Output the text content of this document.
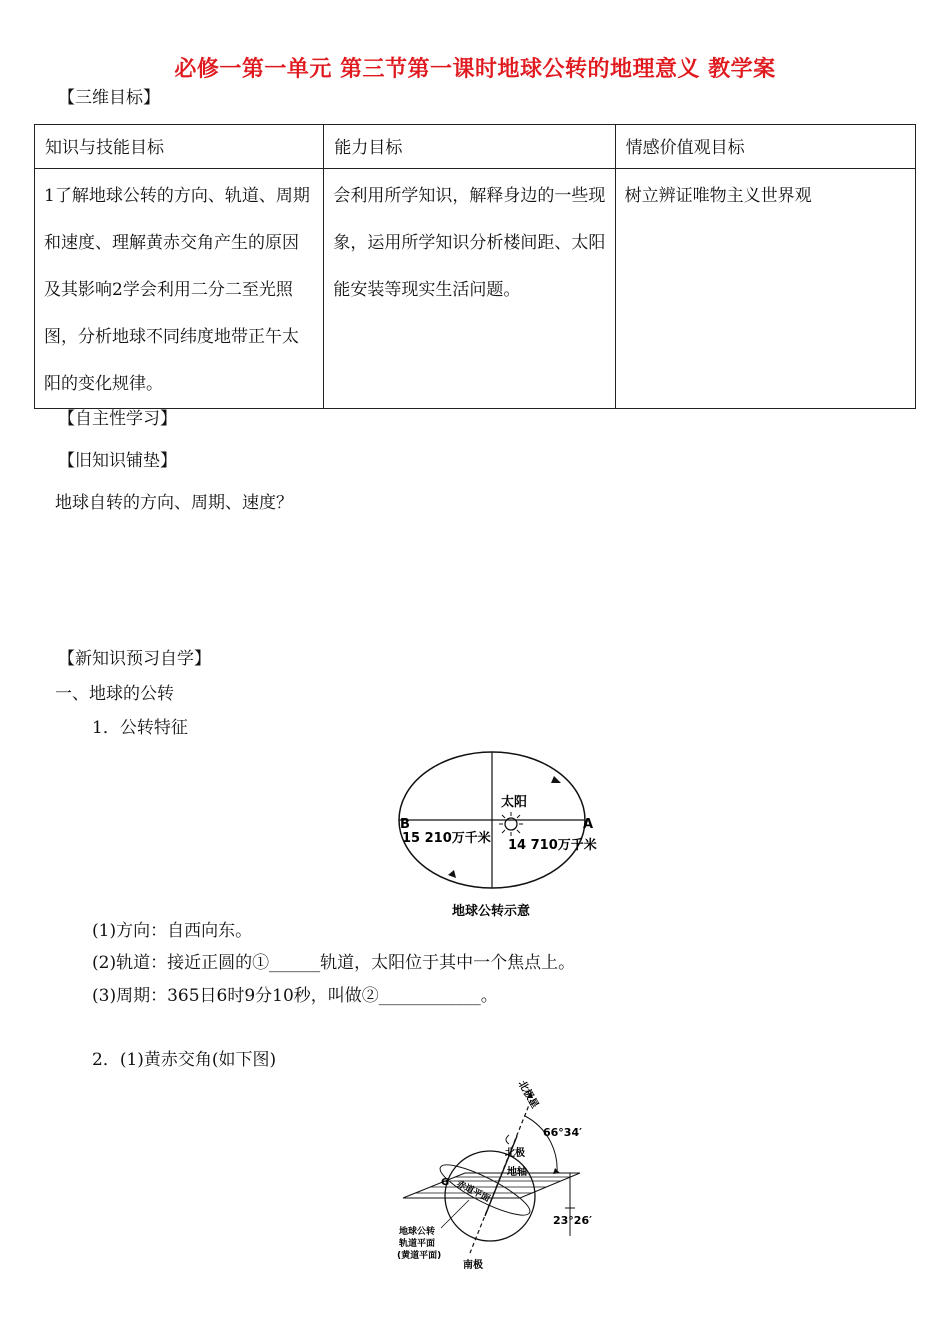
必修一第一单元 第三节第一课时地球公转的地理意义 教学案
【三维目标】
知识与技能目标	能力目标	情感价值观目标
1了解地球公转的方向、轨道、周期和速度、理解黄赤交角产生的原因及其影响2学会利用二分二至光照图，分析地球不同纬度地带正午太阳的变化规律。	会利用所学知识，解释身边的一些现象，运用所学知识分析楼间距、太阳能安装等现实生活问题。	树立辨证唯物主义世界观
【自主性学习】
【旧知识铺垫】
地球自转的方向、周期、速度？
【新知识预习自学】
一、地球的公转
1．公转特征
太阳
B	A
15 210万千米 14 710万千米
地球公转示意
(1)方向：自西向东。
(2)轨道：接近正圆的①______轨道，太阳位于其中一个焦点上。
(3)周期：365日6时9分10秒，叫做②____________。
2．(1)黄赤交角(如下图)
北极星
北极
地轴
66°34′
23°26′
G 赤道平面
地球公转
轨道平面
(黄道平面)
南极
